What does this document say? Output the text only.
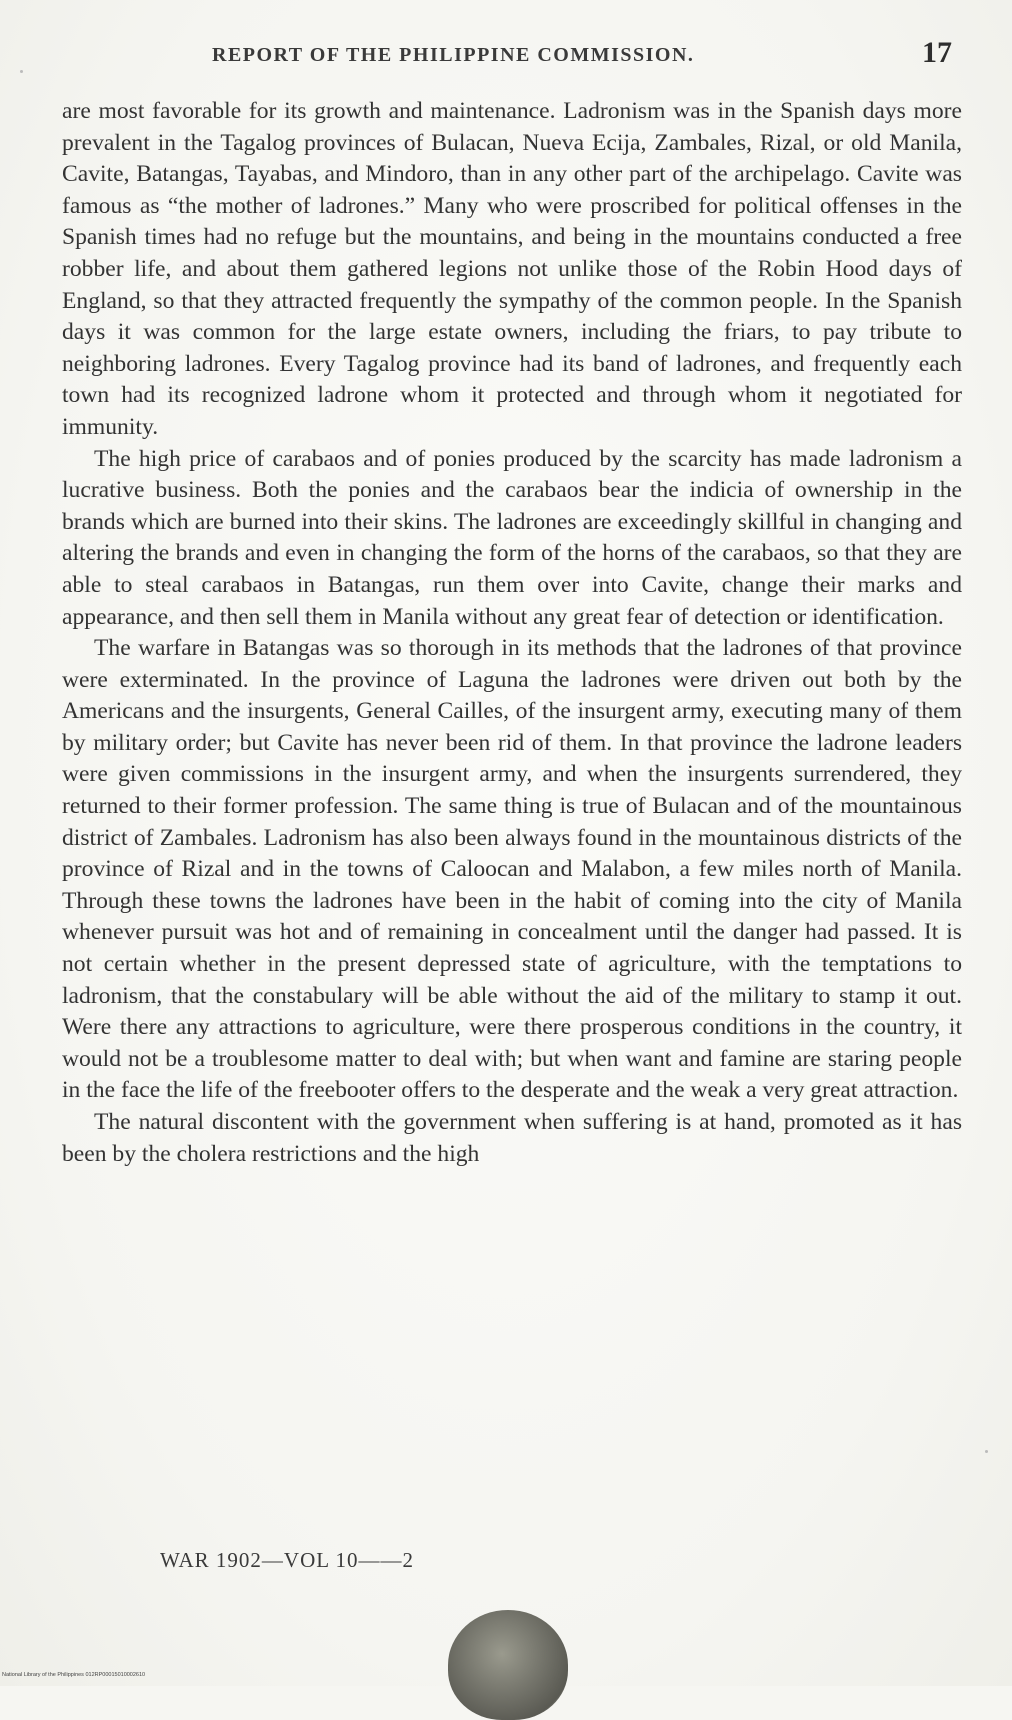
REPORT OF THE PHILIPPINE COMMISSION.	17

are most favorable for its growth and maintenance. Ladronism was in the Spanish days more prevalent in the Tagalog provinces of Bulacan, Nueva Ecija, Zambales, Rizal, or old Manila, Cavite, Batangas, Tayabas, and Mindoro, than in any other part of the archipelago. Cavite was famous as “the mother of ladrones.” Many who were proscribed for political offenses in the Spanish times had no refuge but the mountains, and being in the mountains conducted a free robber life, and about them gathered legions not unlike those of the Robin Hood days of England, so that they attracted frequently the sympathy of the common people. In the Spanish days it was common for the large estate owners, including the friars, to pay tribute to neighboring ladrones. Every Tagalog province had its band of ladrones, and frequently each town had its recognized ladrone whom it protected and through whom it negotiated for immunity.

The high price of carabaos and of ponies produced by the scarcity has made ladronism a lucrative business. Both the ponies and the carabaos bear the indicia of ownership in the brands which are burned into their skins. The ladrones are exceedingly skillful in changing and altering the brands and even in changing the form of the horns of the carabaos, so that they are able to steal carabaos in Batangas, run them over into Cavite, change their marks and appearance, and then sell them in Manila without any great fear of detection or identification.

The warfare in Batangas was so thorough in its methods that the ladrones of that province were exterminated. In the province of Laguna the ladrones were driven out both by the Americans and the insurgents, General Cailles, of the insurgent army, executing many of them by military order; but Cavite has never been rid of them. In that province the ladrone leaders were given commissions in the insurgent army, and when the insurgents surrendered, they returned to their former profession. The same thing is true of Bulacan and of the mountainous district of Zambales. Ladronism has also been always found in the mountainous districts of the province of Rizal and in the towns of Caloocan and Malabon, a few miles north of Manila. Through these towns the ladrones have been in the habit of coming into the city of Manila whenever pursuit was hot and of remaining in concealment until the danger had passed. It is not certain whether in the present depressed state of agriculture, with the temptations to ladronism, that the constabulary will be able without the aid of the military to stamp it out. Were there any attractions to agriculture, were there prosperous conditions in the country, it would not be a troublesome matter to deal with; but when want and famine are staring people in the face the life of the freebooter offers to the desperate and the weak a very great attraction.

The natural discontent with the government when suffering is at hand, promoted as it has been by the cholera restrictions and the high

WAR 1902—VOL 10——2
National Library of the Philippines 012RP00015010002610
